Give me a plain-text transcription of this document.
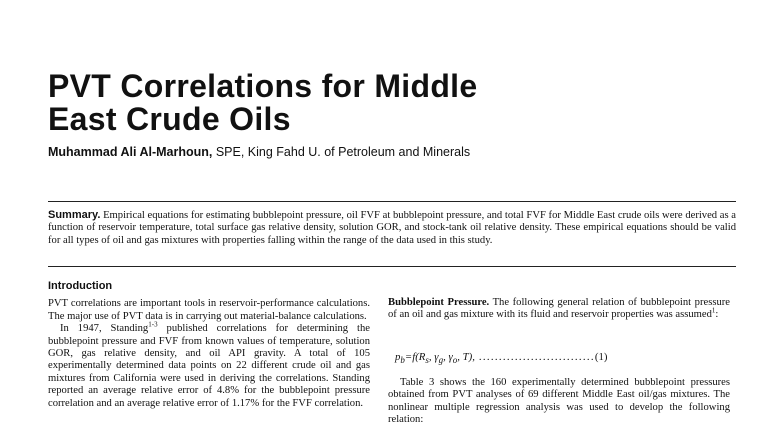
PVT Correlations for Middle
East Crude Oils
Muhammad Ali Al-Marhoun, SPE, King Fahd U. of Petroleum and Minerals

Summary. Empirical equations for estimating bubblepoint pressure, oil FVF at bubblepoint pressure, and total FVF for Middle East crude oils were derived as a function of reservoir temperature, total surface gas relative density, solution GOR, and stock-tank oil relative density. These empirical equations should be valid for all types of oil and gas mixtures with properties falling within the range of the data used in this study.

Introduction

PVT correlations are important tools in reservoir-performance calculations. The major use of PVT data is in carrying out material-balance calculations.

In 1947, Standing$^{1-3}$ published correlations for determining the bubblepoint pressure and FVF from known values of temperature, solution GOR, gas relative density, and oil API gravity. A total of 105 experimentally determined data points on 22 different crude oil and gas mixtures from California were used in deriving the correlations. Standing reported an average relative error of 4.8% for the bubblepoint pressure correlation and an average relative error of 1.17% for the FVF correlation.

Bubblepoint Pressure. The following general relation of bubblepoint pressure of an oil and gas mixture with its fluid and reservoir properties was assumed$^1$:

$p_b=f(R_s$, $\gamma_g$, $\gamma_o$, T), .............................(1)

Table 3 shows the 160 experimentally determined bubblepoint pressures obtained from PVT analyses of 69 different Middle East oil/gas mixtures. The nonlinear multiple regression analysis was used to develop the following relation:
